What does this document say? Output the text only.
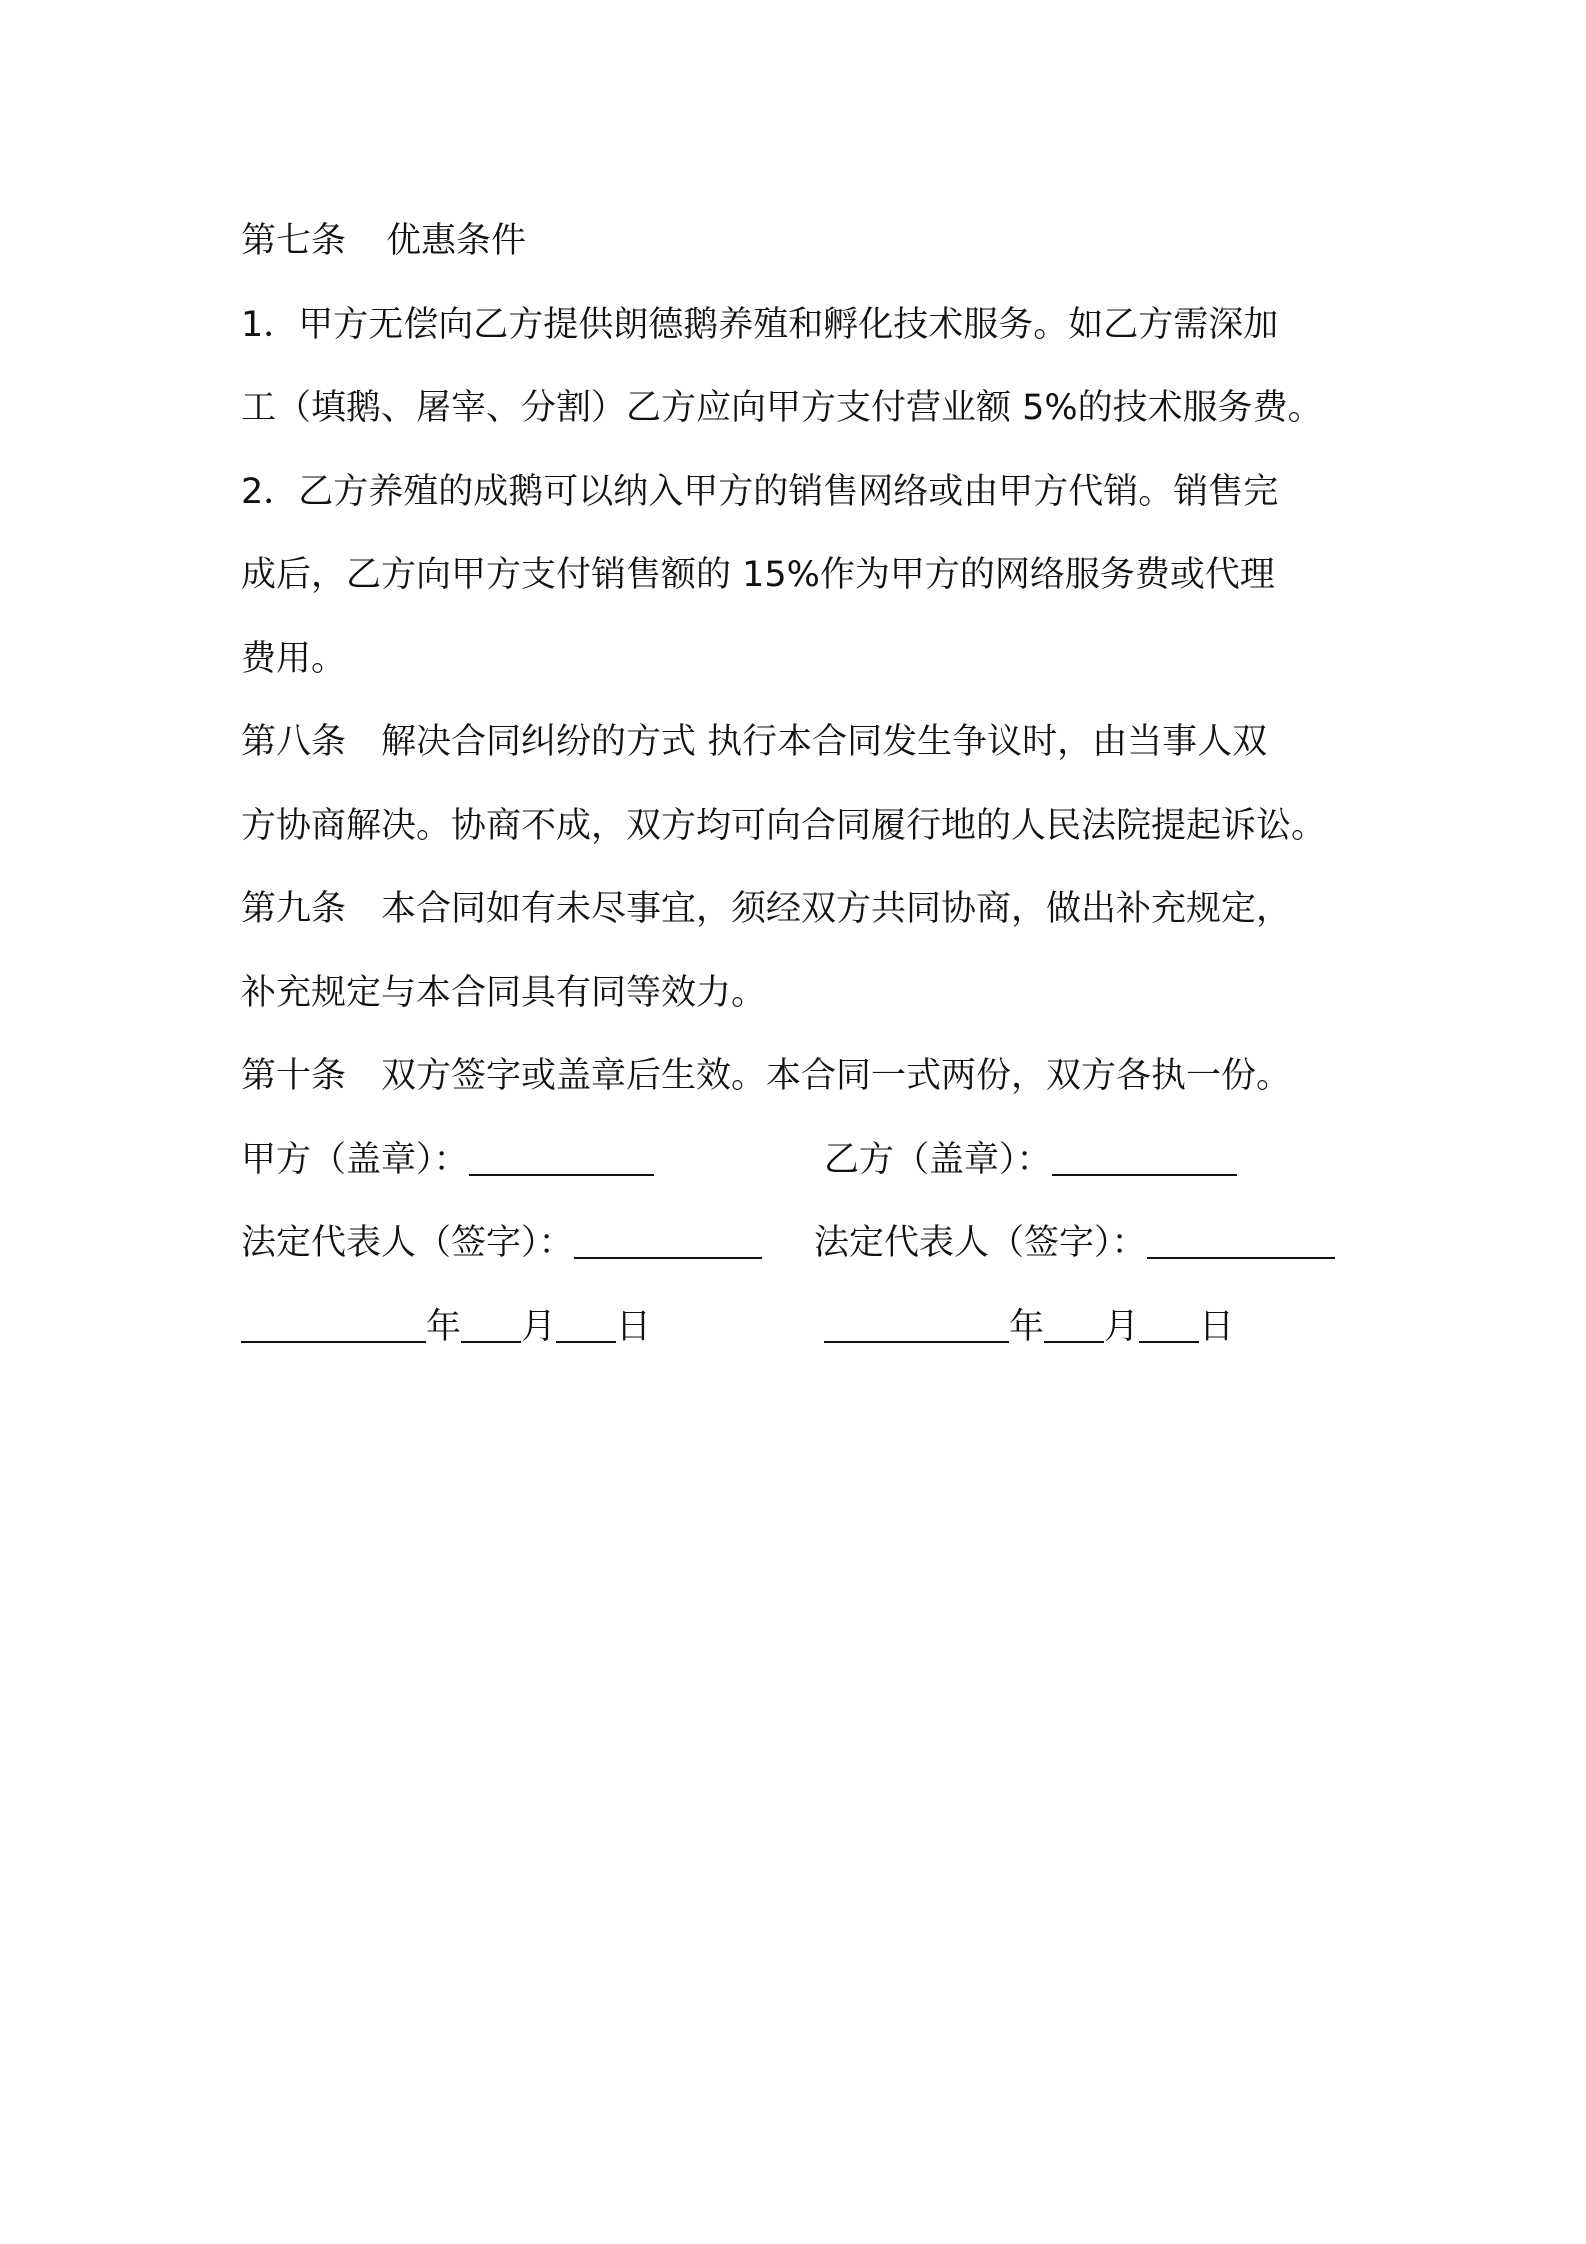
第七条 优惠条件
1．甲方无偿向乙方提供朗德鹅养殖和孵化技术服务。如乙方需深加
工（填鹅、屠宰、分割）乙方应向甲方支付营业额 5%的技术服务费。
2．乙方养殖的成鹅可以纳入甲方的销售网络或由甲方代销。销售完
成后，乙方向甲方支付销售额的 15%作为甲方的网络服务费或代理
费用。
第八条　解决合同纠纷的方式 执行本合同发生争议时，由当事人双
方协商解决。协商不成，双方均可向合同履行地的人民法院提起诉讼。
第九条　本合同如有未尽事宜，须经双方共同协商，做出补充规定，
补充规定与本合同具有同等效力。
第十条　双方签字或盖章后生效。本合同一式两份，双方各执一份。
甲方（盖章）：	乙方（盖章）：
法定代表人（签字）：	法定代表人（签字）：
年 月 日	年 月 日
